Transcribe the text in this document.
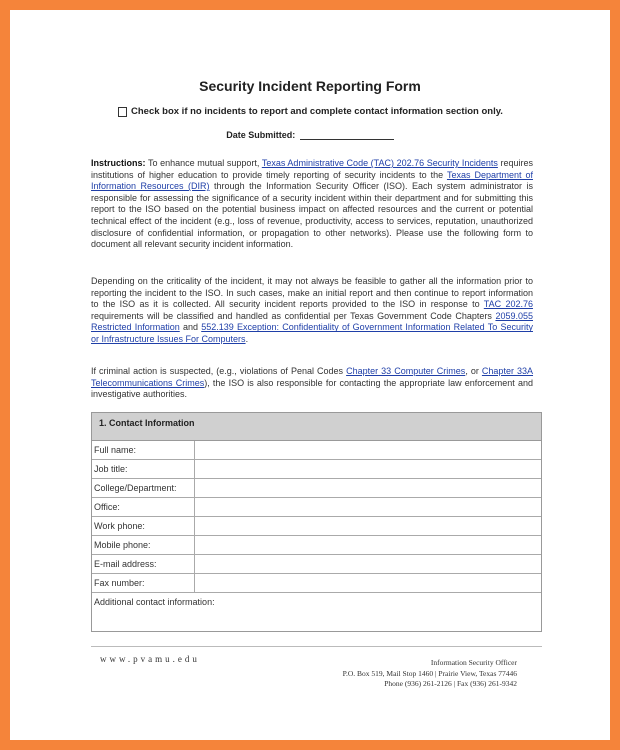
Security Incident Reporting Form
Check box if no incidents to report and complete contact information section only.
Date Submitted:
Instructions: To enhance mutual support, Texas Administrative Code (TAC) 202.76 Security Incidents requires institutions of higher education to provide timely reporting of security incidents to the Texas Department of Information Resources (DIR) through the Information Security Officer (ISO). Each system administrator is responsible for assessing the significance of a security incident within their department and for submitting this report to the ISO based on the potential business impact on affected resources and the current or potential technical effect of the incident (e.g., loss of revenue, productivity, access to services, reputation, unauthorized disclosure of confidential information, or propagation to other networks). Please use the following form to document all relevant security incident information.
Depending on the criticality of the incident, it may not always be feasible to gather all the information prior to reporting the incident to the ISO. In such cases, make an initial report and then continue to report information to the ISO as it is collected. All security incident reports provided to the ISO in response to TAC 202.76 requirements will be classified and handled as confidential per Texas Government Code Chapters 2059.055 Restricted Information and 552.139 Exception: Confidentiality of Government Information Related To Security or Infrastructure Issues For Computers.
If criminal action is suspected, (e.g., violations of Penal Codes Chapter 33 Computer Crimes, or Chapter 33A Telecommunications Crimes), the ISO is also responsible for contacting the appropriate law enforcement and investigative authorities.
1. Contact Information
Full name:
Job title:
College/Department:
Office:
Work phone:
Mobile phone:
E-mail address:
Fax number:
Additional contact information:
www.pvamu.edu	Information Security Officer
P.O. Box 519, Mail Stop 1460 | Prairie View, Texas 77446
Phone (936) 261-2126 | Fax (936) 261-9342
